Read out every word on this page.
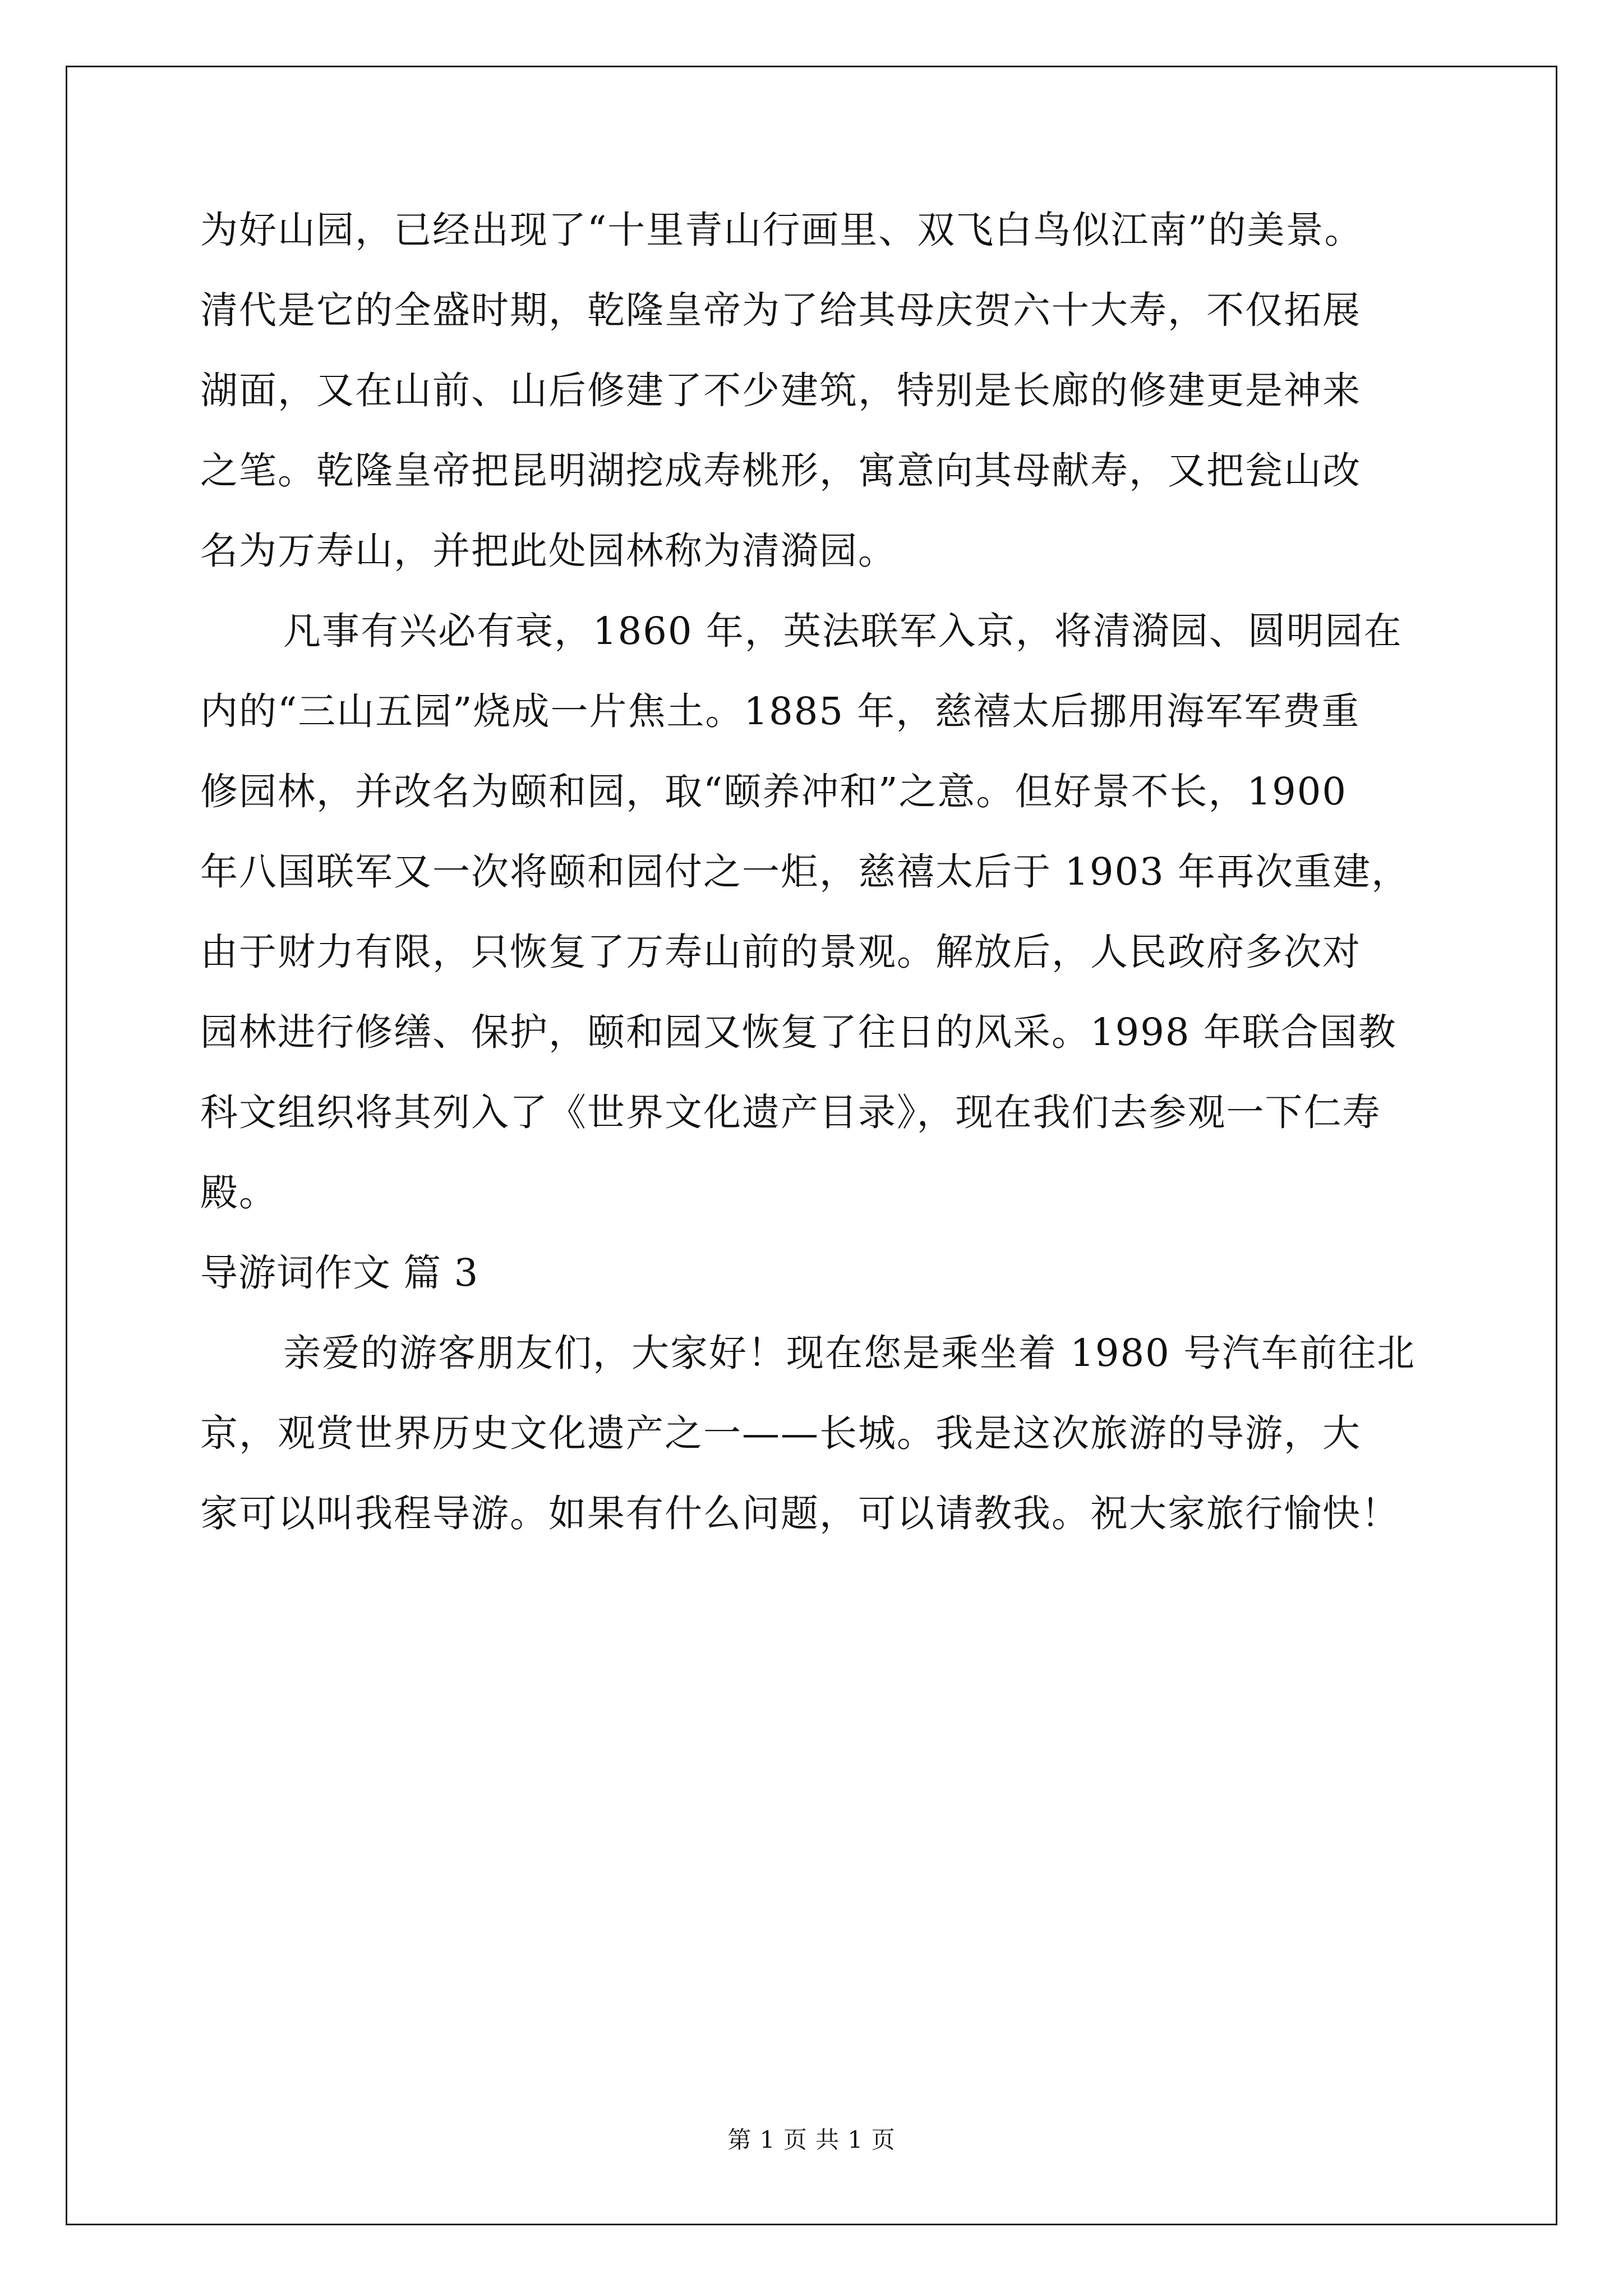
为好山园，已经出现了“十里青山行画里、双飞白鸟似江南”的美景。
清代是它的全盛时期，乾隆皇帝为了给其母庆贺六十大寿，不仅拓展
湖面，又在山前、山后修建了不少建筑，特别是长廊的修建更是神来
之笔。乾隆皇帝把昆明湖挖成寿桃形，寓意向其母献寿，又把瓮山改
名为万寿山，并把此处园林称为清漪园。
凡事有兴必有衰，1860 年，英法联军入京，将清漪园、圆明园在
内的“三山五园”烧成一片焦土。1885 年，慈禧太后挪用海军军费重
修园林，并改名为颐和园，取“颐养冲和”之意。但好景不长，1900
年八国联军又一次将颐和园付之一炬，慈禧太后于 1903 年再次重建，
由于财力有限，只恢复了万寿山前的景观。解放后，人民政府多次对
园林进行修缮、保护，颐和园又恢复了往日的风采。1998 年联合国教
科文组织将其列入了《世界文化遗产目录》，现在我们去参观一下仁寿
殿。
导游词作文 篇 3
亲爱的游客朋友们，大家好！现在您是乘坐着 1980 号汽车前往北
京，观赏世界历史文化遗产之一——长城。我是这次旅游的导游，大
家可以叫我程导游。如果有什么问题，可以请教我。祝大家旅行愉快！
第 1 页 共 1 页
